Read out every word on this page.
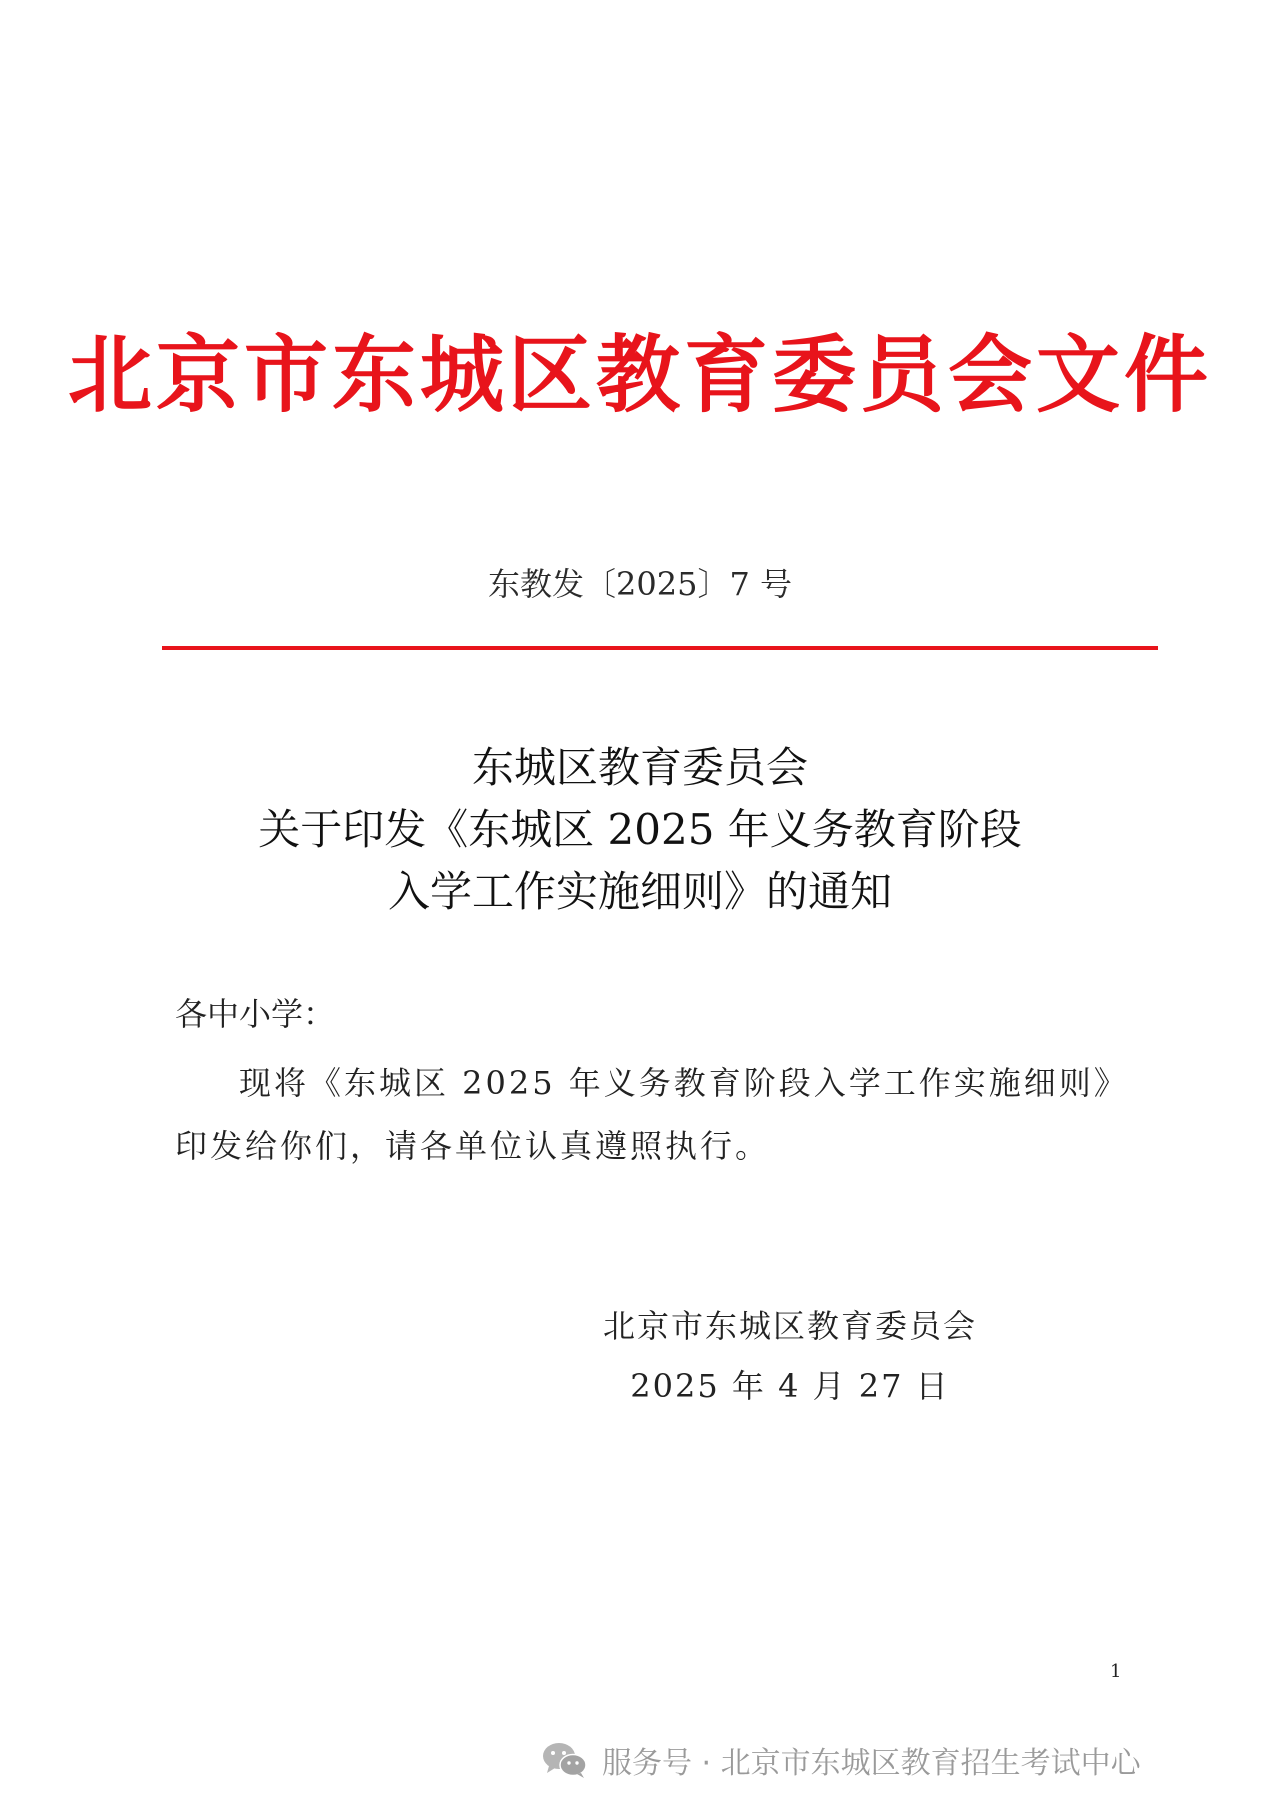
北京市东城区教育委员会文件
东教发〔2025〕7 号
东城区教育委员会
关于印发《东城区 2025 年义务教育阶段
入学工作实施细则》的通知
各中小学：
现将《东城区 2025 年义务教育阶段入学工作实施细则》印发给你们，请各单位认真遵照执行。
北京市东城区教育委员会
2025 年 4 月 27 日
1
服务号 · 北京市东城区教育招生考试中心
